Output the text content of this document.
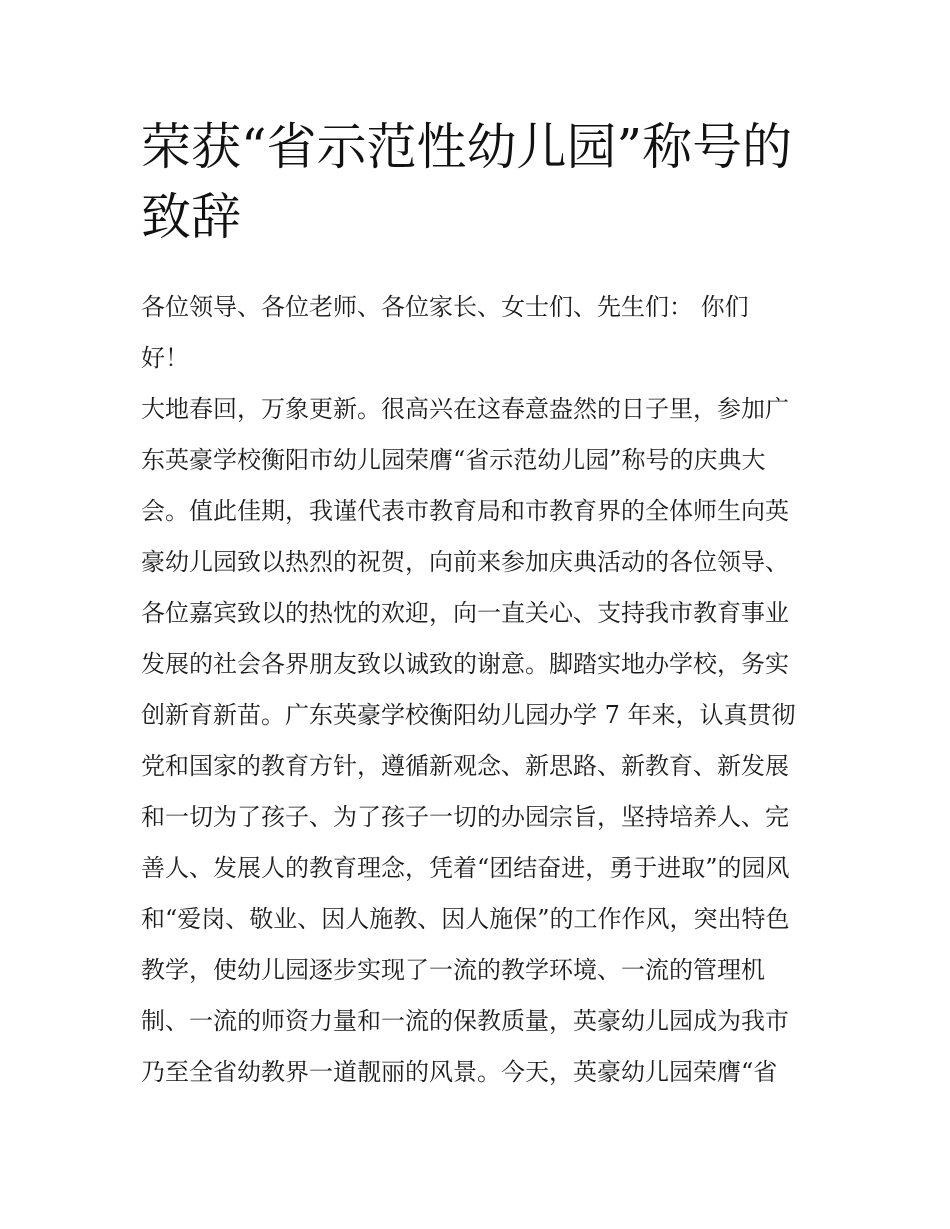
荣获“省示范性幼儿园”称号的
致辞
各位领导、各位老师、各位家长、女士们、先生们： 你们
好！
大地春回，万象更新。很高兴在这春意盎然的日子里，参加广
东英豪学校衡阳市幼儿园荣膺“省示范幼儿园”称号的庆典大
会。值此佳期，我谨代表市教育局和市教育界的全体师生向英
豪幼儿园致以热烈的祝贺，向前来参加庆典活动的各位领导、
各位嘉宾致以的热忱的欢迎，向一直关心、支持我市教育事业
发展的社会各界朋友致以诚致的谢意。脚踏实地办学校，务实
创新育新苗。广东英豪学校衡阳幼儿园办学 7 年来，认真贯彻
党和国家的教育方针，遵循新观念、新思路、新教育、新发展
和一切为了孩子、为了孩子一切的办园宗旨，坚持培养人、完
善人、发展人的教育理念，凭着“团结奋进，勇于进取”的园风
和“爱岗、敬业、因人施教、因人施保”的工作作风，突出特色
教学，使幼儿园逐步实现了一流的教学环境、一流的管理机
制、一流的师资力量和一流的保教质量，英豪幼儿园成为我市
乃至全省幼教界一道靓丽的风景。今天，英豪幼儿园荣膺“省
